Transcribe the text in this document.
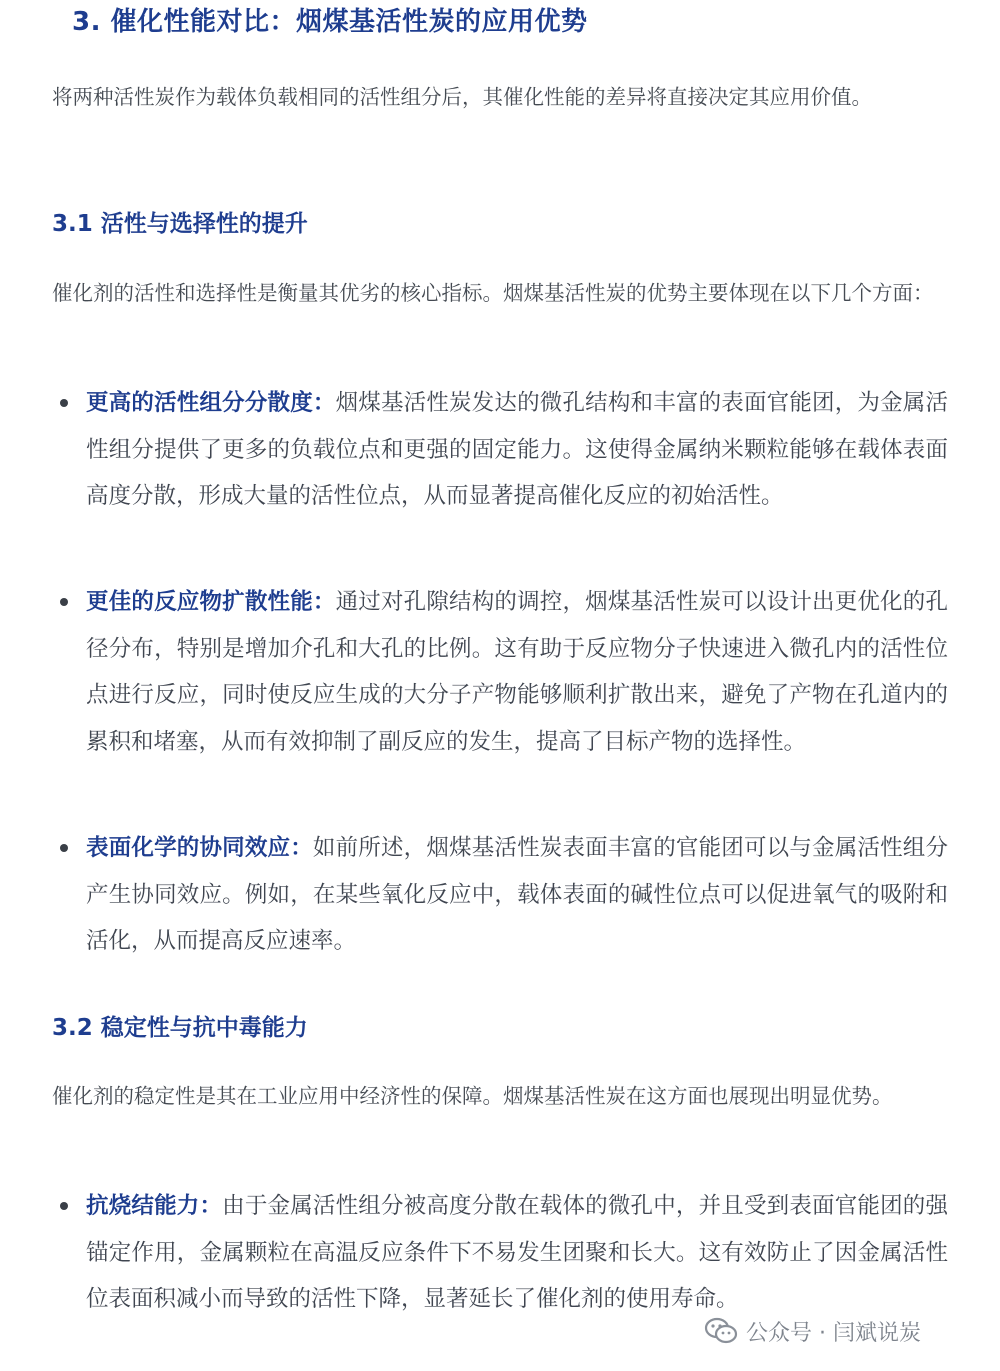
3. 催化性能对比：烟煤基活性炭的应用优势
将两种活性炭作为载体负载相同的活性组分后，其催化性能的差异将直接决定其应用价值。
3.1 活性与选择性的提升
催化剂的活性和选择性是衡量其优劣的核心指标。烟煤基活性炭的优势主要体现在以下几个方面：
更高的活性组分分散度：烟煤基活性炭发达的微孔结构和丰富的表面官能团，为金属活性组分提供了更多的负载位点和更强的固定能力。这使得金属纳米颗粒能够在载体表面高度分散，形成大量的活性位点，从而显著提高催化反应的初始活性。
更佳的反应物扩散性能：通过对孔隙结构的调控，烟煤基活性炭可以设计出更优化的孔径分布，特别是增加介孔和大孔的比例。这有助于反应物分子快速进入微孔内的活性位点进行反应，同时使反应生成的大分子产物能够顺利扩散出来，避免了产物在孔道内的累积和堵塞，从而有效抑制了副反应的发生，提高了目标产物的选择性。
表面化学的协同效应：如前所述，烟煤基活性炭表面丰富的官能团可以与金属活性组分产生协同效应。例如，在某些氧化反应中，载体表面的碱性位点可以促进氧气的吸附和活化，从而提高反应速率。
3.2 稳定性与抗中毒能力
催化剂的稳定性是其在工业应用中经济性的保障。烟煤基活性炭在这方面也展现出明显优势。
抗烧结能力：由于金属活性组分被高度分散在载体的微孔中，并且受到表面官能团的强锚定作用，金属颗粒在高温反应条件下不易发生团聚和长大。这有效防止了因金属活性位表面积减小而导致的活性下降，显著延长了催化剂的使用寿命。
公众号 · 闫斌说炭
